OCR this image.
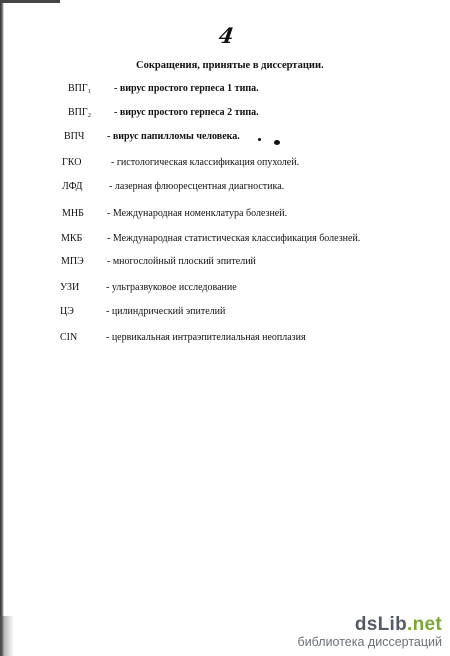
4
Сокращения, принятые в диссертации.
ВПГ₁ - вирус простого герпеса 1 типа.
ВПГ₂ - вирус простого герпеса 2 типа.
ВПЧ - вирус папилломы человека.
ГКО	- гистологическая классификация опухолей.
ЛФД	- лазерная флюоресцентная диагностика.
МНБ - Международная номенклатура болезней.
МКБ - Международная статистическая классификация болезней.
МПЭ - многослойный плоский эпителий
УЗИ	- ультразвуковое исследование
ЦЭ	- цилиндрический эпителий
CIN	- цервикальная интраэпителиальная неоплазия
dsLib.net
библиотека диссертаций
